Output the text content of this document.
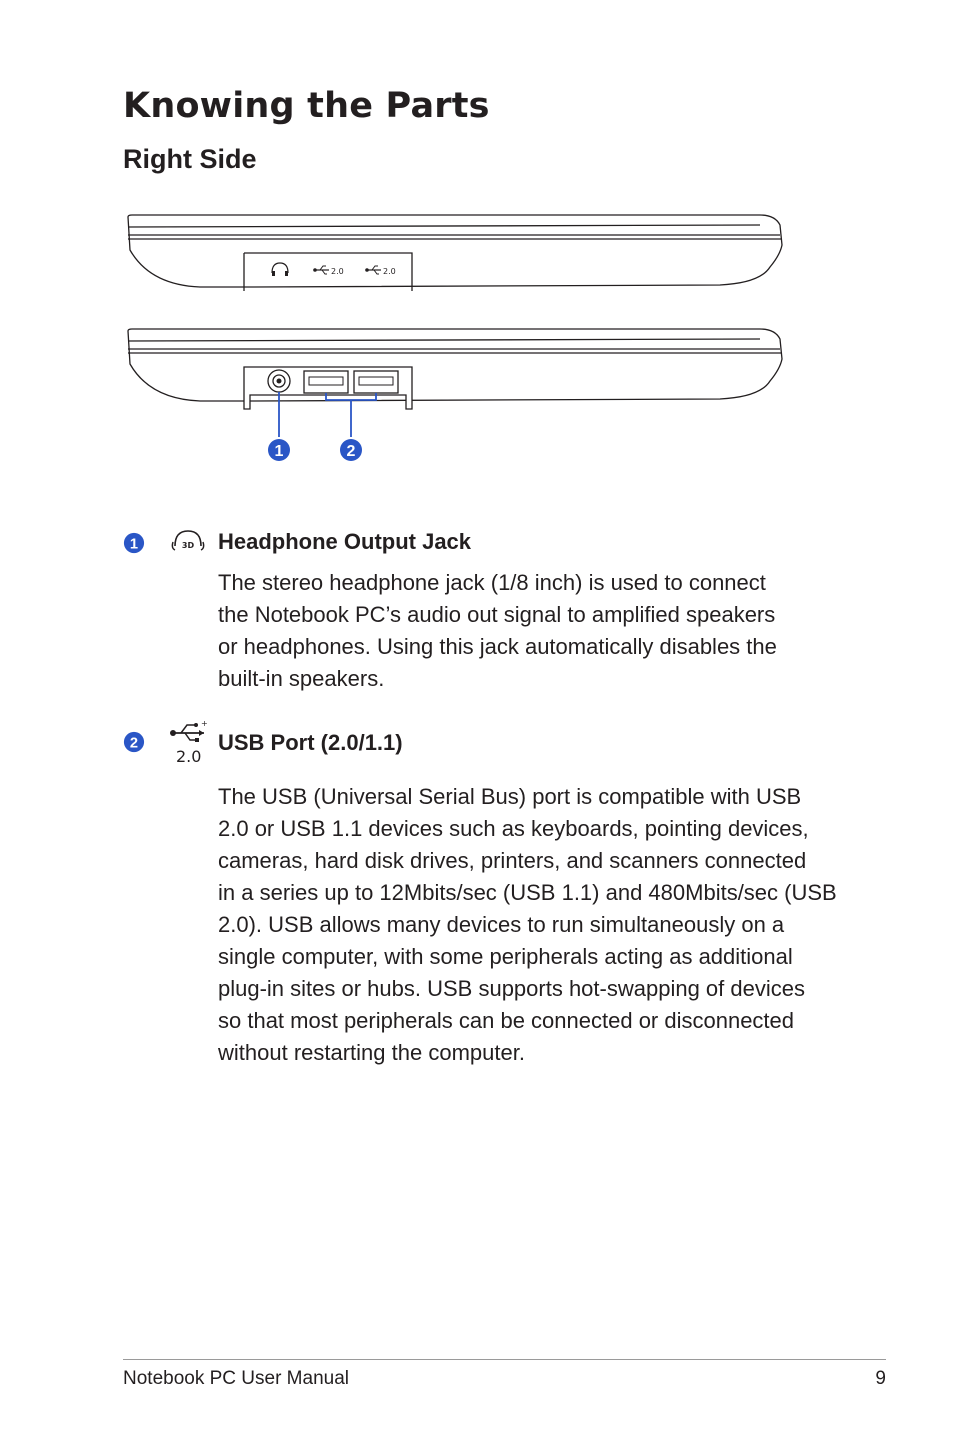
Knowing the Parts
Right Side
2.0	2.0
1	2
1	3D Headphone Output Jack

The stereo headphone jack (1/8 inch) is used to connect
the Notebook PC’s audio out signal to amplified speakers
or headphones. Using this jack automatically disables the
built-in speakers.

2
+
2.0
USB Port (2.0/1.1)

The USB (Universal Serial Bus) port is compatible with USB
2.0 or USB 1.1 devices such as keyboards, pointing devices,
cameras, hard disk drives, printers, and scanners connected
in a series up to 12Mbits/sec (USB 1.1) and 480Mbits/sec (USB
2.0). USB allows many devices to run simultaneously on a
single computer, with some peripherals acting as additional
plug-in sites or hubs. USB supports hot-swapping of devices
so that most peripherals can be connected or disconnected
without restarting the computer.

Notebook PC User Manual	9
